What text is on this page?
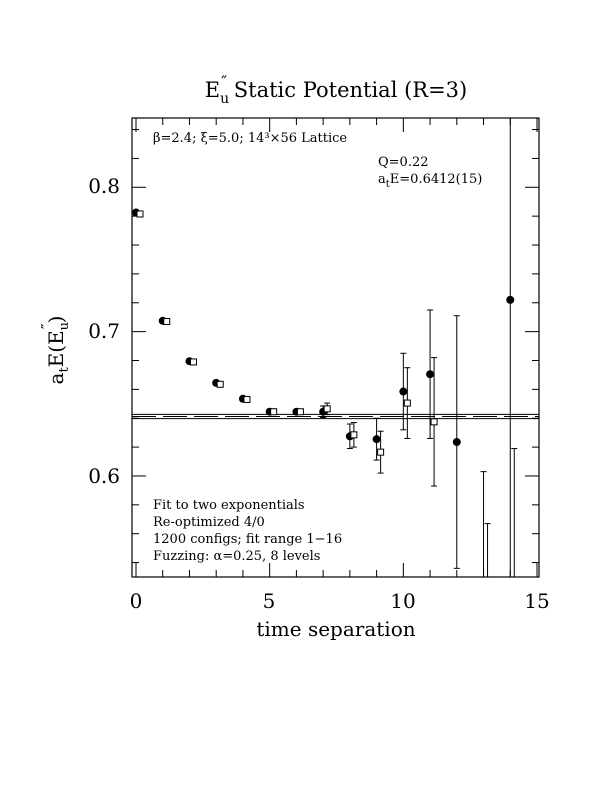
$E_u''$ Static Potential (R=3)
0	5	10	15
0.6
0.7
0.8
time separation
$a_tE(E_u'')$
β=2.4; ξ=5.0; 14³×56 Lattice
Q=0.22
$a_tE=0.6412(15)$
Fit to two exponentials
Re-optimized 4/0
1200 configs; fit range 1−16
Fuzzing: α=0.25, 8 levels
